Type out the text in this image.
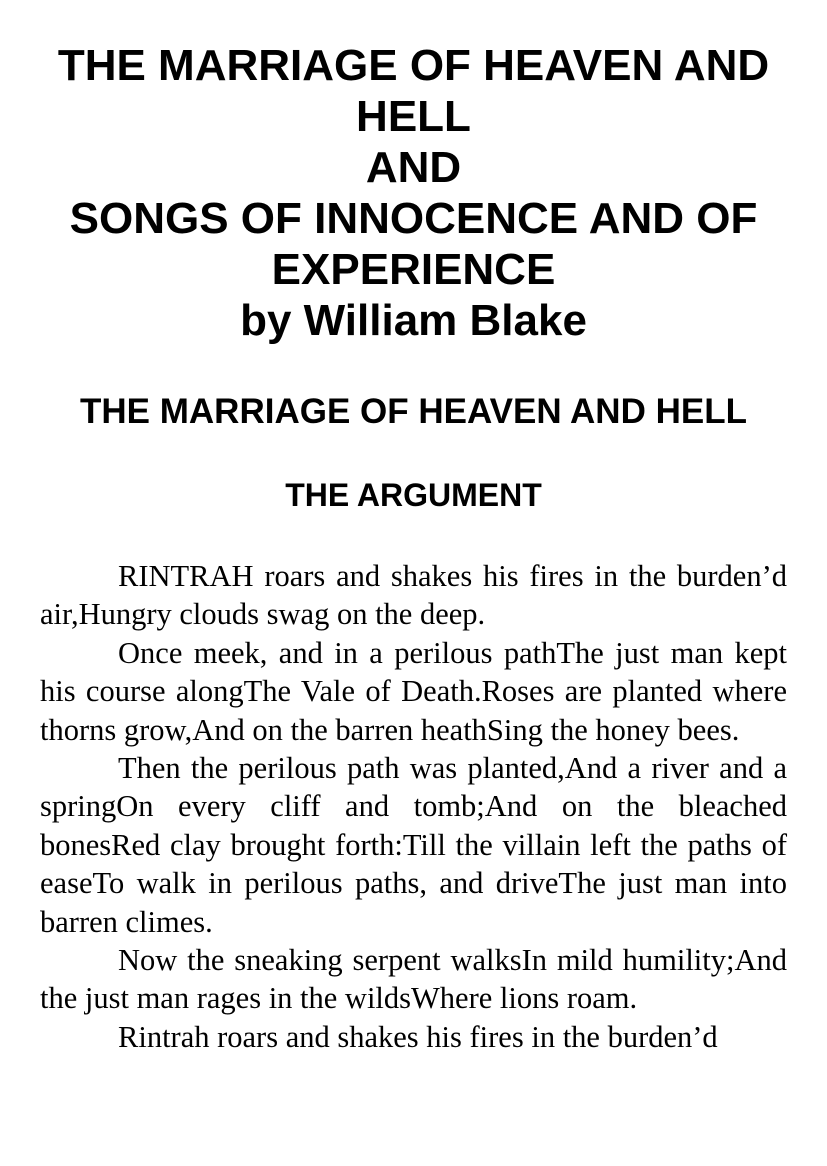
THE MARRIAGE OF HEAVEN AND
HELL
AND
SONGS OF INNOCENCE AND OF
EXPERIENCE
by William Blake
THE MARRIAGE OF HEAVEN AND HELL
THE ARGUMENT

RINTRAH roars and shakes his fires in the burden’d air,Hungry clouds swag on the deep.

Once meek, and in a perilous pathThe just man kept his course alongThe Vale of Death.Roses are planted where thorns grow,And on the barren heathSing the honey bees.

Then the perilous path was planted,And a river and a springOn every cliff and tomb;And on the bleached bonesRed clay brought forth:Till the villain left the paths of easeTo walk in perilous paths, and driveThe just man into barren climes.

Now the sneaking serpent walksIn mild humility;And the just man rages in the wildsWhere lions roam.

Rintrah roars and shakes his fires in the burden’d
